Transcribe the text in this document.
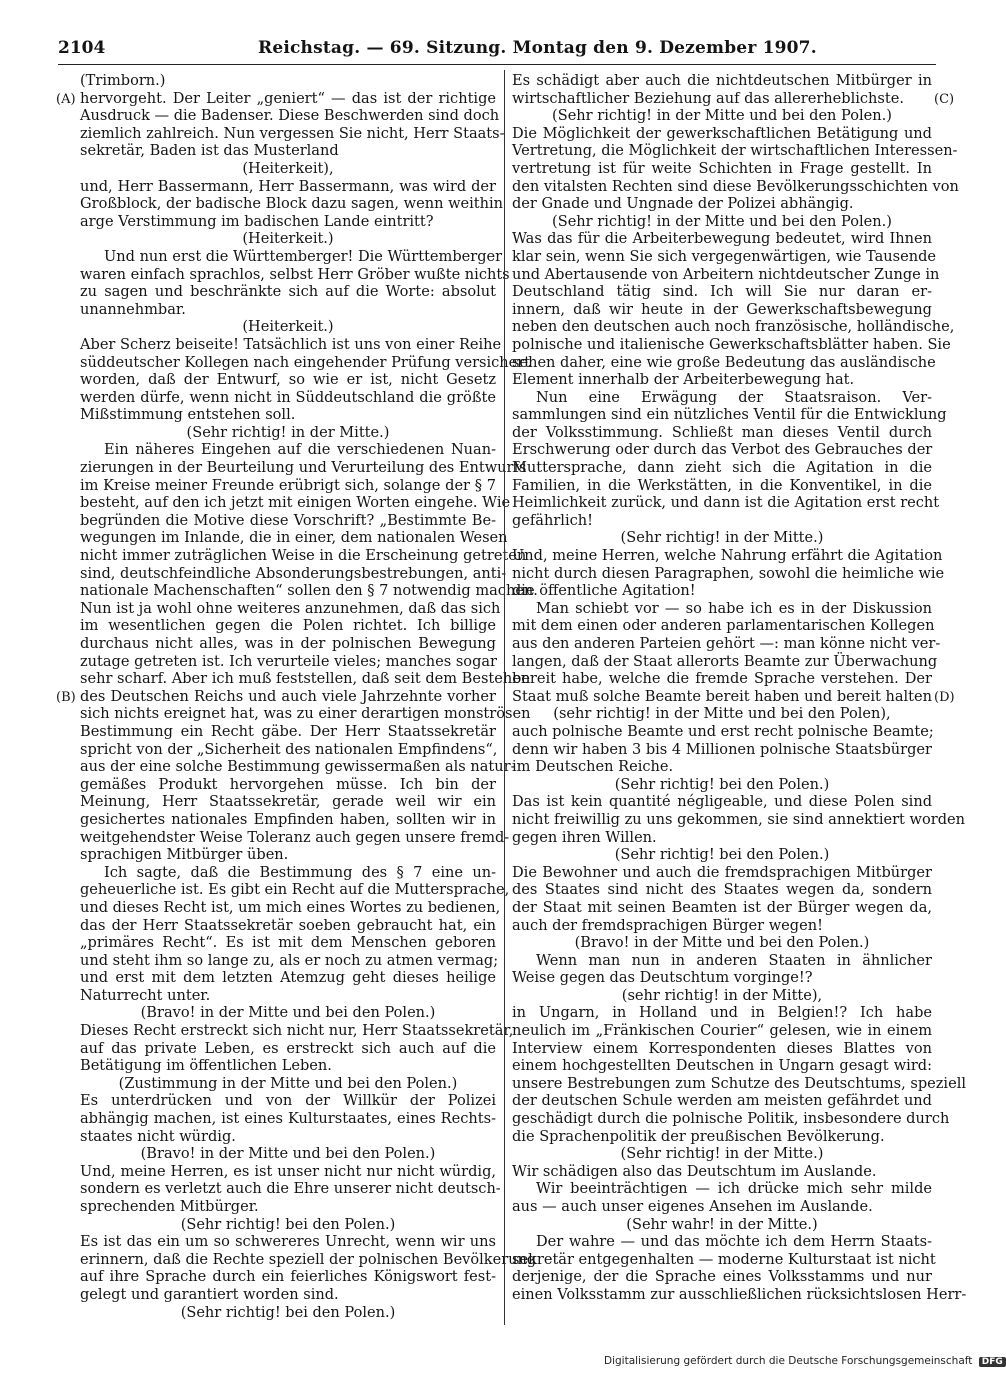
2104	Reichstag. — 69. Sitzung. Montag den 9. Dezember 1907.
(Trimborn.)
hervorgeht. Der Leiter „geniert“ — das ist der richtige
Ausdruck — die Badenser. Diese Beschwerden sind doch
ziemlich zahlreich. Nun vergessen Sie nicht, Herr Staats-
sekretär, Baden ist das Musterland
(Heiterkeit),
und, Herr Bassermann, Herr Bassermann, was wird der
Großblock, der badische Block dazu sagen, wenn weithin
arge Verstimmung im badischen Lande eintritt?
(Heiterkeit.)
Und nun erst die Württemberger! Die Württemberger
waren einfach sprachlos, selbst Herr Gröber wußte nichts
zu sagen und beschränkte sich auf die Worte: absolut
unannehmbar.
(Heiterkeit.)
Aber Scherz beiseite! Tatsächlich ist uns von einer Reihe
süddeutscher Kollegen nach eingehender Prüfung versichert
worden, daß der Entwurf, so wie er ist, nicht Gesetz
werden dürfe, wenn nicht in Süddeutschland die größte
Mißstimmung entstehen soll.
(Sehr richtig! in der Mitte.)
Ein näheres Eingehen auf die verschiedenen Nuan-
zierungen in der Beurteilung und Verurteilung des Entwurfs
im Kreise meiner Freunde erübrigt sich, solange der § 7
besteht, auf den ich jetzt mit einigen Worten eingehe. Wie
begründen die Motive diese Vorschrift? „Bestimmte Be-
wegungen im Inlande, die in einer, dem nationalen Wesen
nicht immer zuträglichen Weise in die Erscheinung getreten
sind, deutschfeindliche Absonderungsbestrebungen, anti-
nationale Machenschaften“ sollen den § 7 notwendig machen.
Nun ist ja wohl ohne weiteres anzunehmen, daß das sich
im wesentlichen gegen die Polen richtet. Ich billige
durchaus nicht alles, was in der polnischen Bewegung
zutage getreten ist. Ich verurteile vieles; manches sogar
sehr scharf. Aber ich muß feststellen, daß seit dem Bestehen
des Deutschen Reichs und auch viele Jahrzehnte vorher
sich nichts ereignet hat, was zu einer derartigen monströsen
Bestimmung ein Recht gäbe. Der Herr Staatssekretär
spricht von der „Sicherheit des nationalen Empfindens“,
aus der eine solche Bestimmung gewissermaßen als natur-
gemäßes Produkt hervorgehen müsse. Ich bin der
Meinung, Herr Staatssekretär, gerade weil wir ein
gesichertes nationales Empfinden haben, sollten wir in
weitgehendster Weise Toleranz auch gegen unsere fremd-
sprachigen Mitbürger üben.
Ich sagte, daß die Bestimmung des § 7 eine un-
geheuerliche ist. Es gibt ein Recht auf die Muttersprache,
und dieses Recht ist, um mich eines Wortes zu bedienen,
das der Herr Staatssekretär soeben gebraucht hat, ein
„primäres Recht“. Es ist mit dem Menschen geboren
und steht ihm so lange zu, als er noch zu atmen vermag;
und erst mit dem letzten Atemzug geht dieses heilige
Naturrecht unter.
(Bravo! in der Mitte und bei den Polen.)
Dieses Recht erstreckt sich nicht nur, Herr Staatssekretär,
auf das private Leben, es erstreckt sich auch auf die
Betätigung im öffentlichen Leben.
(Zustimmung in der Mitte und bei den Polen.)
Es unterdrücken und von der Willkür der Polizei
abhängig machen, ist eines Kulturstaates, eines Rechts-
staates nicht würdig.
(Bravo! in der Mitte und bei den Polen.)
Und, meine Herren, es ist unser nicht nur nicht würdig,
sondern es verletzt auch die Ehre unserer nicht deutsch-
sprechenden Mitbürger.
(Sehr richtig! bei den Polen.)
Es ist das ein um so schwereres Unrecht, wenn wir uns
erinnern, daß die Rechte speziell der polnischen Bevölkerung
auf ihre Sprache durch ein feierliches Königswort fest-
gelegt und garantiert worden sind.
(Sehr richtig! bei den Polen.)
Es schädigt aber auch die nichtdeutschen Mitbürger in
wirtschaftlicher Beziehung auf das allererheblichste.
(Sehr richtig! in der Mitte und bei den Polen.)
Die Möglichkeit der gewerkschaftlichen Betätigung und
Vertretung, die Möglichkeit der wirtschaftlichen Interessen-
vertretung ist für weite Schichten in Frage gestellt. In
den vitalsten Rechten sind diese Bevölkerungsschichten von
der Gnade und Ungnade der Polizei abhängig.
(Sehr richtig! in der Mitte und bei den Polen.)
Was das für die Arbeiterbewegung bedeutet, wird Ihnen
klar sein, wenn Sie sich vergegenwärtigen, wie Tausende
und Abertausende von Arbeitern nichtdeutscher Zunge in
Deutschland tätig sind. Ich will Sie nur daran er-
innern, daß wir heute in der Gewerkschaftsbewegung
neben den deutschen auch noch französische, holländische,
polnische und italienische Gewerkschaftsblätter haben. Sie
sehen daher, eine wie große Bedeutung das ausländische
Element innerhalb der Arbeiterbewegung hat.
Nun eine Erwägung der Staatsraison. Ver-
sammlungen sind ein nützliches Ventil für die Entwicklung
der Volksstimmung. Schließt man dieses Ventil durch
Erschwerung oder durch das Verbot des Gebrauches der
Muttersprache, dann zieht sich die Agitation in die
Familien, in die Werkstätten, in die Konventikel, in die
Heimlichkeit zurück, und dann ist die Agitation erst recht
gefährlich!
(Sehr richtig! in der Mitte.)
Und, meine Herren, welche Nahrung erfährt die Agitation
nicht durch diesen Paragraphen, sowohl die heimliche wie
die öffentliche Agitation!
Man schiebt vor — so habe ich es in der Diskussion
mit dem einen oder anderen parlamentarischen Kollegen
aus den anderen Parteien gehört —: man könne nicht ver-
langen, daß der Staat allerorts Beamte zur Überwachung
bereit habe, welche die fremde Sprache verstehen. Der
Staat muß solche Beamte bereit haben und bereit halten
(sehr richtig! in der Mitte und bei den Polen),
auch polnische Beamte und erst recht polnische Beamte;
denn wir haben 3 bis 4 Millionen polnische Staatsbürger
im Deutschen Reiche.
(Sehr richtig! bei den Polen.)
Das ist kein quantité négligeable, und diese Polen sind
nicht freiwillig zu uns gekommen, sie sind annektiert worden
gegen ihren Willen.
(Sehr richtig! bei den Polen.)
Die Bewohner und auch die fremdsprachigen Mitbürger
des Staates sind nicht des Staates wegen da, sondern
der Staat mit seinen Beamten ist der Bürger wegen da,
auch der fremdsprachigen Bürger wegen!
(Bravo! in der Mitte und bei den Polen.)
Wenn man nun in anderen Staaten in ähnlicher
Weise gegen das Deutschtum vorginge!?
(sehr richtig! in der Mitte),
in Ungarn, in Holland und in Belgien!? Ich habe
neulich im „Fränkischen Courier“ gelesen, wie in einem
Interview einem Korrespondenten dieses Blattes von
einem hochgestellten Deutschen in Ungarn gesagt wird:
unsere Bestrebungen zum Schutze des Deutschtums, speziell
der deutschen Schule werden am meisten gefährdet und
geschädigt durch die polnische Politik, insbesondere durch
die Sprachenpolitik der preußischen Bevölkerung.
(Sehr richtig! in der Mitte.)
Wir schädigen also das Deutschtum im Auslande.
Wir beeinträchtigen — ich drücke mich sehr milde
aus — auch unser eigenes Ansehen im Auslande.
(Sehr wahr! in der Mitte.)
Der wahre — und das möchte ich dem Herrn Staats-
sekretär entgegenhalten — moderne Kulturstaat ist nicht
derjenige, der die Sprache eines Volksstamms und nur
einen Volksstamm zur ausschließlichen rücksichtslosen Herr-
(A)
(B)
(C)
(D)
Digitalisierung gefördert durch die Deutsche Forschungsgemeinschaft DFG
